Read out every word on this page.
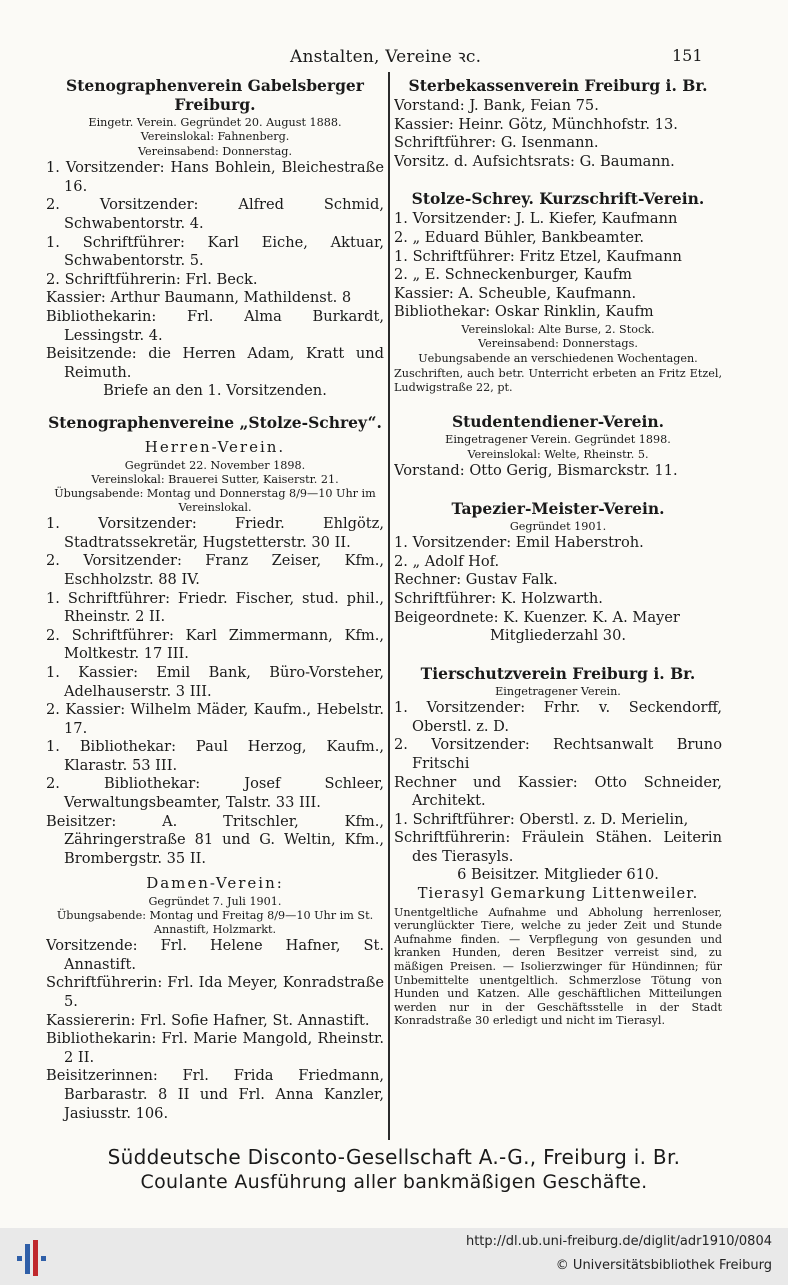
Anstalten, Vereine ꝛc.	151
Stenographenverein Gabelsberger Freiburg.
Eingetr. Verein. Gegründet 20. August 1888.
Vereinslokal: Fahnenberg.
Vereinsabend: Donnerstag.

1. Vorsitzender: Hans Bohlein, Bleichestraße 16.

2. Vorsitzender: Alfred Schmid, Schwabentorstr. 4.

1. Schriftführer: Karl Eiche, Aktuar, Schwabentorstr. 5.

2. Schriftführerin: Frl. Beck.

Kassier: Arthur Baumann, Mathildenst. 8

Bibliothekarin: Frl. Alma Burkardt, Lessingstr. 4.

Beisitzende: die Herren Adam, Kratt und Reimuth.

Briefe an den 1. Vorsitzenden.

Stenographenvereine „Stolze-Schrey“.
Herren-Verein.
Gegründet 22. November 1898.
Vereinslokal: Brauerei Sutter, Kaiserstr. 21.
Übungsabende: Montag und Donnerstag 8/9—10 Uhr im Vereinslokal.

1. Vorsitzender: Friedr. Ehlgötz, Stadtratssekretär, Hugstetterstr. 30 II.

2. Vorsitzender: Franz Zeiser, Kfm., Eschholzstr. 88 IV.

1. Schriftführer: Friedr. Fischer, stud. phil., Rheinstr. 2 II.

2. Schriftführer: Karl Zimmermann, Kfm., Moltkestr. 17 III.

1. Kassier: Emil Bank, Büro-Vorsteher, Adelhauserstr. 3 III.

2. Kassier: Wilhelm Mäder, Kaufm., Hebelstr. 17.

1. Bibliothekar: Paul Herzog, Kaufm., Klarastr. 53 III.

2. Bibliothekar: Josef Schleer, Verwaltungsbeamter, Talstr. 33 III.

Beisitzer: A. Tritschler, Kfm., Zähringerstraße 81 und G. Weltin, Kfm., Brombergstr. 35 II.

Damen-Verein:
Gegründet 7. Juli 1901.
Übungsabende: Montag und Freitag 8/9—10 Uhr im St. Annastift, Holzmarkt.

Vorsitzende: Frl. Helene Hafner, St. Annastift.

Schriftführerin: Frl. Ida Meyer, Konradstraße 5.

Kassiererin: Frl. Sofie Hafner, St. Annastift.

Bibliothekarin: Frl. Marie Mangold, Rheinstr. 2 II.

Beisitzerinnen: Frl. Frida Friedmann, Barbarastr. 8 II und Frl. Anna Kanzler, Jasiusstr. 106.

Sterbekassenverein Freiburg i. Br.

Vorstand: J. Bank, Feian 75.

Kassier: Heinr. Götz, Münchhofstr. 13.

Schriftführer: G. Isenmann.

Vorsitz. d. Aufsichtsrats: G. Baumann.

Stolze-Schrey. Kurzschrift-Verein.

1. Vorsitzender: J. L. Kiefer, Kaufmann

2. „ Eduard Bühler, Bankbeamter.

1. Schriftführer: Fritz Etzel, Kaufmann

2. „ E. Schneckenburger, Kaufm

Kassier: A. Scheuble, Kaufmann.

Bibliothekar: Oskar Rinklin, Kaufm

Vereinslokal: Alte Burse, 2. Stock.
Vereinsabend: Donnerstags.
Uebungsabende an verschiedenen Wochentagen.
Zuschriften, auch betr. Unterricht erbeten an Fritz Etzel, Ludwigstraße 22, pt.
Studentendiener-Verein.
Eingetragener Verein. Gegründet 1898.
Vereinslokal: Welte, Rheinstr. 5.

Vorstand: Otto Gerig, Bismarckstr. 11.

Tapezier-Meister-Verein.
Gegründet 1901.

1. Vorsitzender: Emil Haberstroh.

2. „ Adolf Hof.

Rechner: Gustav Falk.

Schriftführer: K. Holzwarth.

Beigeordnete: K. Kuenzer. K. A. Mayer

Mitgliederzahl 30.

Tierschutzverein Freiburg i. Br.
Eingetragener Verein.

1. Vorsitzender: Frhr. v. Seckendorff, Oberstl. z. D.

2. Vorsitzender: Rechtsanwalt Bruno Fritschi

Rechner und Kassier: Otto Schneider, Architekt.

1. Schriftführer: Oberstl. z. D. Merielin,

Schriftführerin: Fräulein Stähen. Leiterin des Tierasyls.

6 Beisitzer. Mitglieder 610.

Tierasyl Gemarkung Littenweiler.

Unentgeltliche Aufnahme und Abholung herrenloser, verunglückter Tiere, welche zu jeder Zeit und Stunde Aufnahme finden. — Verpflegung von gesunden und kranken Hunden, deren Besitzer verreist sind, zu mäßigen Preisen. — Isolierzwinger für Hündinnen; für Unbemittelte unentgeltlich. Schmerzlose Tötung von Hunden und Katzen. Alle geschäftlichen Mitteilungen werden nur in der Geschäftsstelle in der Stadt Konradstraße 30 erledigt und nicht im Tierasyl.
Süddeutsche Disconto-Gesellschaft A.-G., Freiburg i. Br.
Coulante Ausführung aller bankmäßigen Geschäfte.
http://dl.ub.uni-freiburg.de/diglit/adr1910/0804
© Universitätsbibliothek Freiburg
